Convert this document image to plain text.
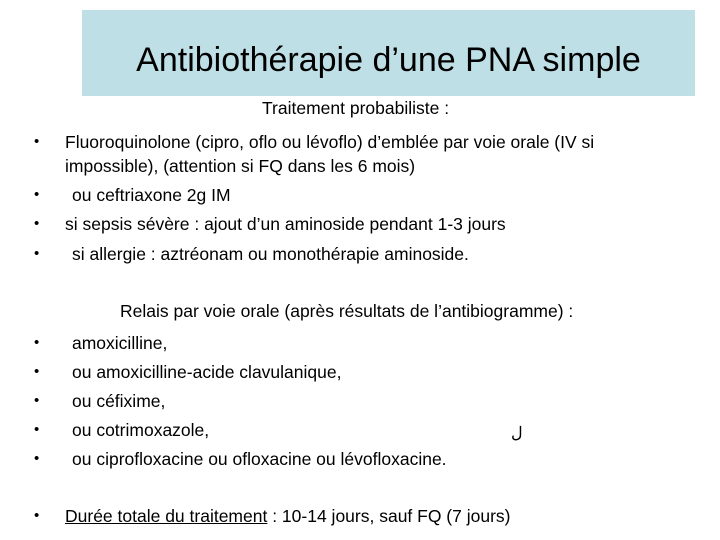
Antibiothérapie d’une PNA simple
Traitement probabiliste :
• Fluoroquinolone (cipro, oflo ou lévoflo) d’emblée par voie orale (IV si
impossible), (attention si FQ dans les 6 mois)
• ou ceftriaxone 2g IM
• si sepsis sévère : ajout d’un aminoside pendant 1-3 jours
• si allergie : aztréonam ou monothérapie aminoside.
Relais par voie orale (après résultats de l’antibiogramme) :
• amoxicilline,
• ou amoxicilline-acide clavulanique,
• ou céfixime,
• ou cotrimoxazole,
• ou ciprofloxacine ou ofloxacine ou lévofloxacine.
ل
• Durée totale du traitement : 10-14 jours, sauf FQ (7 jours)
